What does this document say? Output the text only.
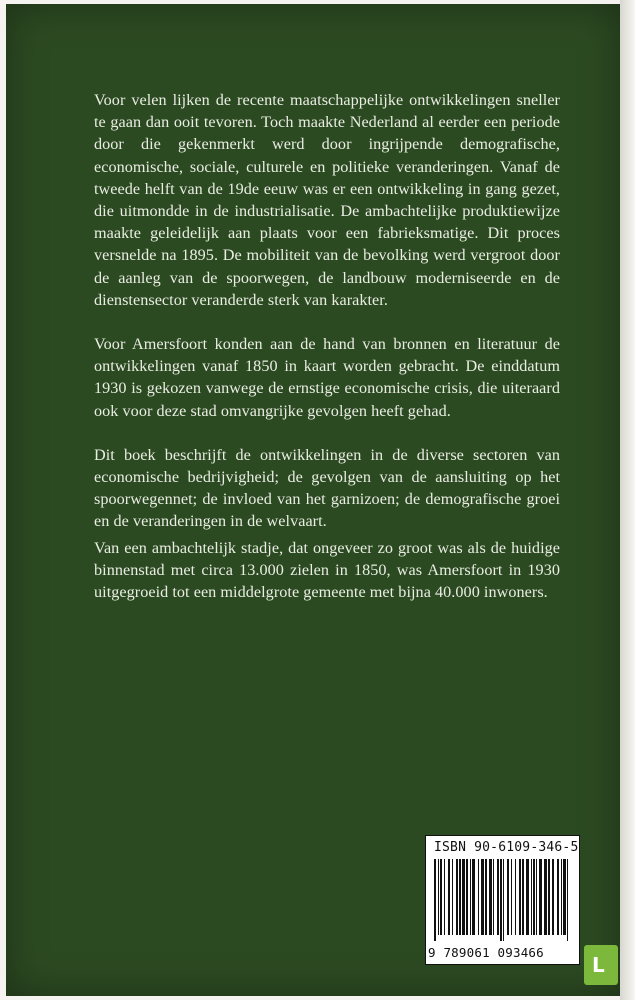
Voor velen lijken de recente maatschappelijke ontwikkelingen sneller te gaan dan ooit tevoren. Toch maakte Nederland al eerder een periode door die gekenmerkt werd door ingrijpende demografische, economische, sociale, culturele en politieke veranderingen. Vanaf de tweede helft van de 19de eeuw was er een ontwikkeling in gang gezet, die uitmondde in de industrialisatie. De ambachtelijke produktiewijze maakte geleidelijk aan plaats voor een fabrieksmatige. Dit proces versnelde na 1895. De mobiliteit van de bevolking werd vergroot door de aanleg van de spoorwegen, de landbouw moderniseerde en de dienstensector veranderde sterk van karakter.

Voor Amersfoort konden aan de hand van bronnen en literatuur de ontwikkelingen vanaf 1850 in kaart worden gebracht. De einddatum 1930 is gekozen vanwege de ernstige economische crisis, die uiteraard ook voor deze stad omvangrijke gevolgen heeft gehad.

Dit boek beschrijft de ontwikkelingen in de diverse sectoren van economische bedrijvigheid; de gevolgen van de aansluiting op het spoorwegennet; de invloed van het garnizoen; de demografische groei en de veranderingen in de welvaart.

Van een ambachtelijk stadje, dat ongeveer zo groot was als de huidige binnenstad met circa 13.000 zielen in 1850, was Amersfoort in 1930 uitgegroeid tot een middelgrote gemeente met bijna 40.000 inwoners.

ISBN 90-6109-346-5
9 789061 093466
L
